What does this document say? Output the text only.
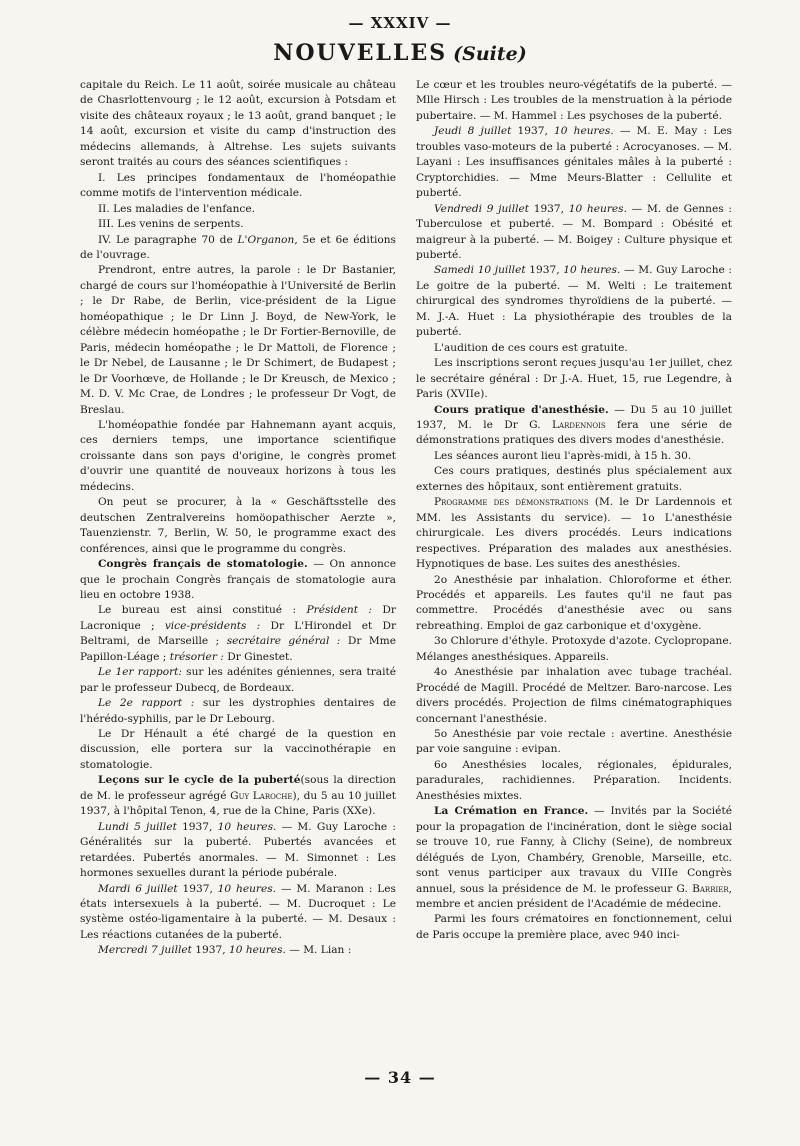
— XXXIV —
NOUVELLES (Suite)

capitale du Reich. Le 11 août, soirée musicale au château de Chasrlottenvourg ; le 12 août, excursion à Potsdam et visite des châteaux royaux ; le 13 août, grand banquet ; le 14 août, excursion et visite du camp d'instruction des médecins allemands, à Altrehse. Les sujets suivants seront traités au cours des séances scientifiques :

I. Les principes fondamentaux de l'homéopathie comme motifs de l'intervention médicale.

II. Les maladies de l'enfance.

III. Les venins de serpents.

IV. Le paragraphe 70 de L'Organon, 5e et 6e éditions de l'ouvrage.

Prendront, entre autres, la parole : le Dr Bastanier, chargé de cours sur l'homéopathie à l'Université de Berlin ; le Dr Rabe, de Berlin, vice-président de la Ligue homéopathique ; le Dr Linn J. Boyd, de New-York, le célèbre médecin homéopathe ; le Dr Fortier-Bernoville, de Paris, médecin homéopathe ; le Dr Mattoli, de Florence ; le Dr Nebel, de Lausanne ; le Dr Schimert, de Budapest ; le Dr Voorhœve, de Hollande ; le Dr Kreusch, de Mexico ; M. D. V. Mc Crae, de Londres ; le professeur Dr Vogt, de Breslau.

L'homéopathie fondée par Hahnemann ayant acquis, ces derniers temps, une importance scientifique croissante dans son pays d'origine, le congrès promet d'ouvrir une quantité de nouveaux horizons à tous les médecins.

On peut se procurer, à la « Geschäftsstelle des deutschen Zentralvereins homöopathischer Aerzte », Tauenzienstr. 7, Berlin, W. 50, le programme exact des conférences, ainsi que le programme du congrès.

Congrès français de stomatologie. — On annonce que le prochain Congrès français de stomatologie aura lieu en octobre 1938.

Le bureau est ainsi constitué : Président : Dr Lacronique ; vice-présidents : Dr L'Hirondel et Dr Beltrami, de Marseille ; secrétaire général : Dr Mme Papillon-Léage ; trésorier : Dr Ginestet.

Le 1er rapport: sur les adénites géniennes, sera traité par le professeur Dubecq, de Bordeaux.

Le 2e rapport : sur les dystrophies dentaires de l'hérédo-syphilis, par le Dr Lebourg.

Le Dr Hénault a été chargé de la question en discussion, elle portera sur la vaccinothérapie en stomatologie.

Leçons sur le cycle de la puberté(sous la direction de M. le professeur agrégé Guy Laroche), du 5 au 10 juillet 1937, à l'hôpital Tenon, 4, rue de la Chine, Paris (XXe).

Lundi 5 juillet 1937, 10 heures. — M. Guy Laroche : Généralités sur la puberté. Pubertés avancées et retardées. Pubertés anormales. — M. Simonnet : Les hormones sexuelles durant la période pubérale.

Mardi 6 juillet 1937, 10 heures. — M. Maranon : Les états intersexuels à la puberté. — M. Ducroquet : Le système ostéo-ligamentaire à la puberté. — M. Desaux : Les réactions cutanées de la puberté.

Mercredi 7 juillet 1937, 10 heures. — M. Lian :

Le cœur et les troubles neuro-végétatifs de la puberté. — Mlle Hirsch : Les troubles de la menstruation à la période pubertaire. — M. Hammel : Les psychoses de la puberté.

Jeudi 8 juillet 1937, 10 heures. — M. E. May : Les troubles vaso-moteurs de la puberté : Acrocyanoses. — M. Layani : Les insuffisances génitales mâles à la puberté : Cryptorchidies. — Mme Meurs-Blatter : Cellulite et puberté.

Vendredi 9 juillet 1937, 10 heures. — M. de Gennes : Tuberculose et puberté. — M. Bompard : Obésité et maigreur à la puberté. — M. Boigey : Culture physique et puberté.

Samedi 10 juillet 1937, 10 heures. — M. Guy Laroche : Le goitre de la puberté. — M. Welti : Le traitement chirurgical des syndromes thyroïdiens de la puberté. — M. J.-A. Huet : La physiothérapie des troubles de la puberté.

L'audition de ces cours est gratuite.

Les inscriptions seront reçues jusqu'au 1er juillet, chez le secrétaire général : Dr J.-A. Huet, 15, rue Legendre, à Paris (XVIIe).

Cours pratique d'anesthésie. — Du 5 au 10 juillet 1937, M. le Dr G. Lardennois fera une série de démonstrations pratiques des divers modes d'anesthésie.

Les séances auront lieu l'après-midi, à 15 h. 30.

Ces cours pratiques, destinés plus spécialement aux externes des hôpitaux, sont entièrement gratuits.

Programme des démonstrations (M. le Dr Lardennois et MM. les Assistants du service). — 1o L'anesthésie chirurgicale. Les divers procédés. Leurs indications respectives. Préparation des malades aux anesthésies. Hypnotiques de base. Les suites des anesthésies.

2o Anesthésie par inhalation. Chloroforme et éther. Procédés et appareils. Les fautes qu'il ne faut pas commettre. Procédés d'anesthésie avec ou sans rebreathing. Emploi de gaz carbonique et d'oxygène.

3o Chlorure d'éthyle. Protoxyde d'azote. Cyclopropane. Mélanges anesthésiques. Appareils.

4o Anesthésie par inhalation avec tubage trachéal. Procédé de Magill. Procédé de Meltzer. Baro-narcose. Les divers procédés. Projection de films cinématographiques concernant l'anesthésie.

5o Anesthésie par voie rectale : avertine. Anesthésie par voie sanguine : evipan.

6o Anesthésies locales, régionales, épidurales, paradurales, rachidiennes. Préparation. Incidents. Anesthésies mixtes.

La Crémation en France. — Invités par la Société pour la propagation de l'incinération, dont le siège social se trouve 10, rue Fanny, à Clichy (Seine), de nombreux délégués de Lyon, Chambéry, Grenoble, Marseille, etc. sont venus participer aux travaux du VIIIe Congrès annuel, sous la présidence de M. le professeur G. Barrier, membre et ancien président de l'Académie de médecine.

Parmi les fours crématoires en fonctionnement, celui de Paris occupe la première place, avec 940 inci-

— 34 —
